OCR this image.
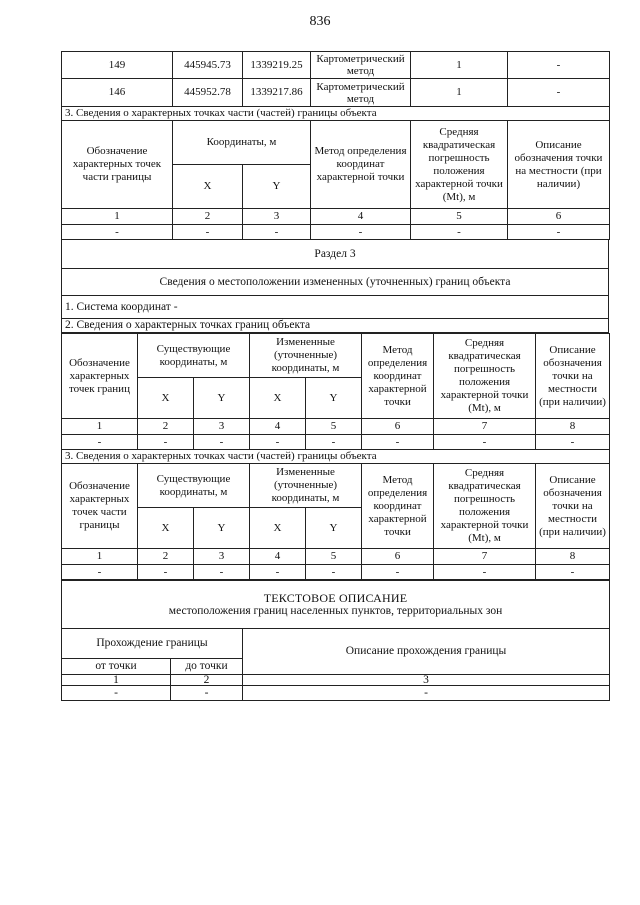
836
149	445945.73	1339219.25	Картометрический метод	1	-
146	445952.78	1339217.86	Картометрический метод	1	-
3. Сведения о характерных точках части (частей) границы объекта					
Обозначение характерных точек части границы	Координаты, м		Метод определения координат характерной точки	Средняя квадратическая погрешность положения характерной точки (Mt), м	Описание обозначения точки на местности (при наличии)
	X	Y			
1	2	3	4	5	6
-	-	-	-	-	-
Раздел 3
Сведения о местоположении измененных (уточненных) границ объекта
1. Система координат -
2. Сведения о характерных точках границ объекта
Обозначение характерных точек границ	Существующие координаты, м		Измененные (уточненные) координаты, м		Метод определения координат характерной точки	Средняя квадратическая погрешность положения характерной точки (Mt), м	Описание обозначения точки на местности (при наличии)
	X	Y	X	Y			
1	2	3	4	5	6	7	8
-	-	-	-	-	-	-	-
3. Сведения о характерных точках части (частей) границы объекта							
Обозначение характерных точек части границы	Существующие координаты, м		Измененные (уточненные) координаты, м		Метод определения координат характерной точки	Средняя квадратическая погрешность положения характерной точки (Mt), м	Описание обозначения точки на местности (при наличии)
	X	Y	X	Y			
1	2	3	4	5	6	7	8
-	-	-	-	-	-	-	-
ТЕКСТОВОЕ ОПИСАНИЕ
местоположения границ населенных пунктов, территориальных зон		

Прохождение границы		Описание прохождения границы
от точки	до точки	
1	2	3
-	-	-
